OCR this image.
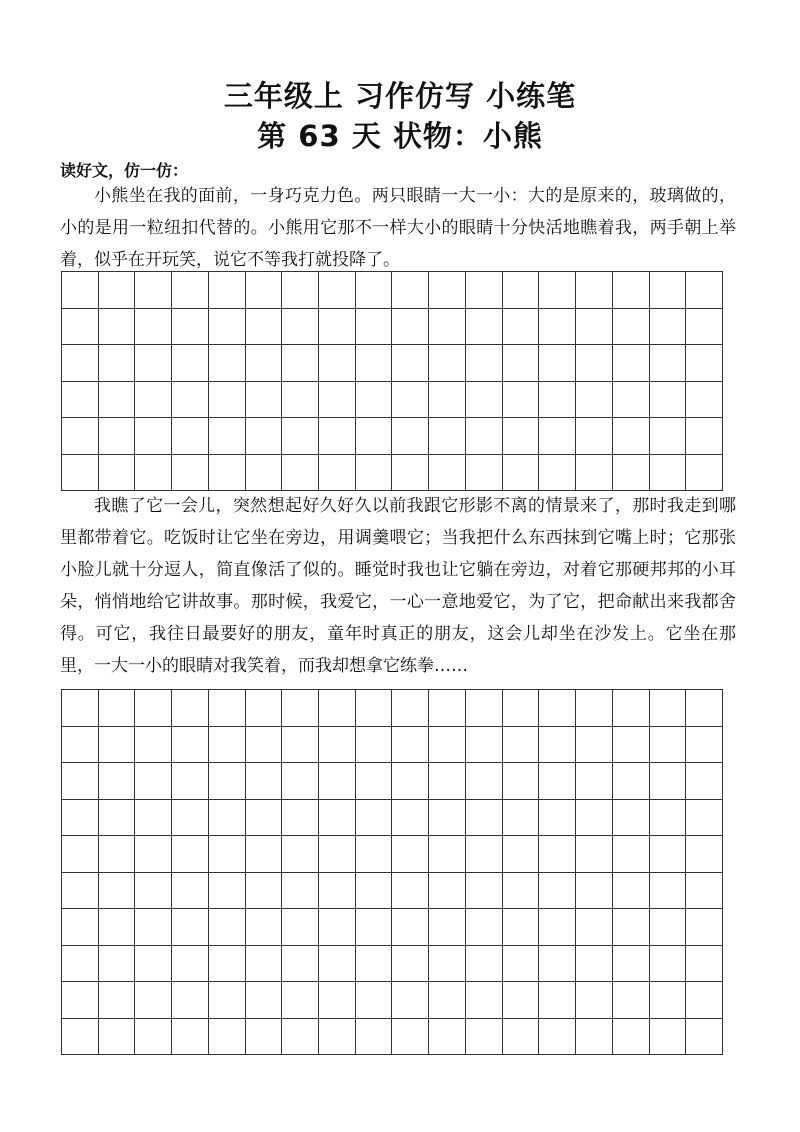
三年级上 习作仿写 小练笔
第 63 天 状物：小熊

读好文，仿一仿：

小熊坐在我的面前，一身巧克力色。两只眼睛一大一小：大的是原来的，玻璃做的，小的是用一粒纽扣代替的。小熊用它那不一样大小的眼睛十分快活地瞧着我，两手朝上举着，似乎在开玩笑，说它不等我打就投降了。

我瞧了它一会儿，突然想起好久好久以前我跟它形影不离的情景来了，那时我走到哪里都带着它。吃饭时让它坐在旁边，用调羹喂它；当我把什么东西抹到它嘴上时；它那张小脸儿就十分逗人，简直像活了似的。睡觉时我也让它躺在旁边，对着它那硬邦邦的小耳朵，悄悄地给它讲故事。那时候，我爱它，一心一意地爱它，为了它，把命献出来我都舍得。可它，我往日最要好的朋友，童年时真正的朋友，这会儿却坐在沙发上。它坐在那里，一大一小的眼睛对我笑着，而我却想拿它练拳……
